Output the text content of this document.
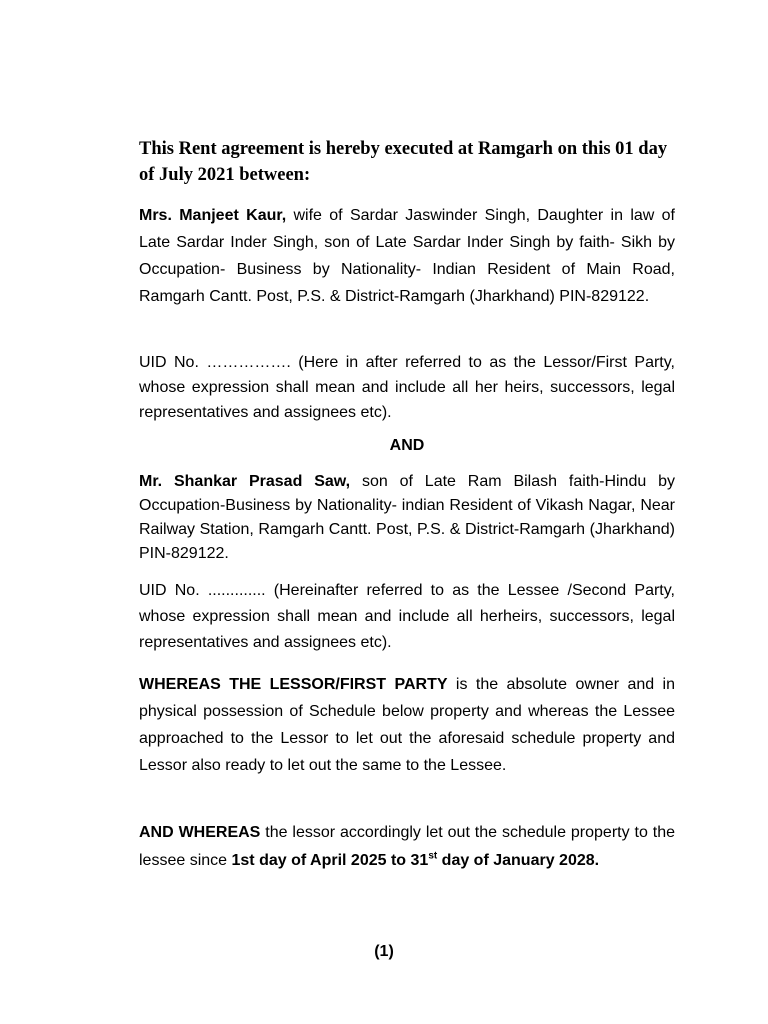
This Rent agreement is hereby executed at Ramgarh on this 01 day of July 2021 between:

Mrs. Manjeet Kaur, wife of Sardar Jaswinder Singh, Daughter in law of Late Sardar Inder Singh, son of Late Sardar Inder Singh by faith- Sikh by Occupation- Business by Nationality- Indian Resident of Main Road, Ramgarh Cantt. Post, P.S. & District-Ramgarh (Jharkhand) PIN-829122.

UID No. ……………. (Here in after referred to as the Lessor/First Party, whose expression shall mean and include all her heirs, successors, legal representatives and assignees etc).

AND

Mr. Shankar Prasad Saw, son of Late Ram Bilash faith-Hindu by Occupation-Business by Nationality- indian Resident of Vikash Nagar, Near Railway Station, Ramgarh Cantt. Post, P.S. & District-Ramgarh (Jharkhand) PIN-829122.

UID No. ............. (Hereinafter referred to as the Lessee /Second Party, whose expression shall mean and include all herheirs, successors, legal representatives and assignees etc).

WHEREAS THE LESSOR/FIRST PARTY is the absolute owner and in physical possession of Schedule below property and whereas the Lessee approached to the Lessor to let out the aforesaid schedule property and Lessor also ready to let out the same to the Lessee.

AND WHEREAS the lessor accordingly let out the schedule property to the lessee since 1st day of April 2025 to 31st day of January 2028.

(1)
